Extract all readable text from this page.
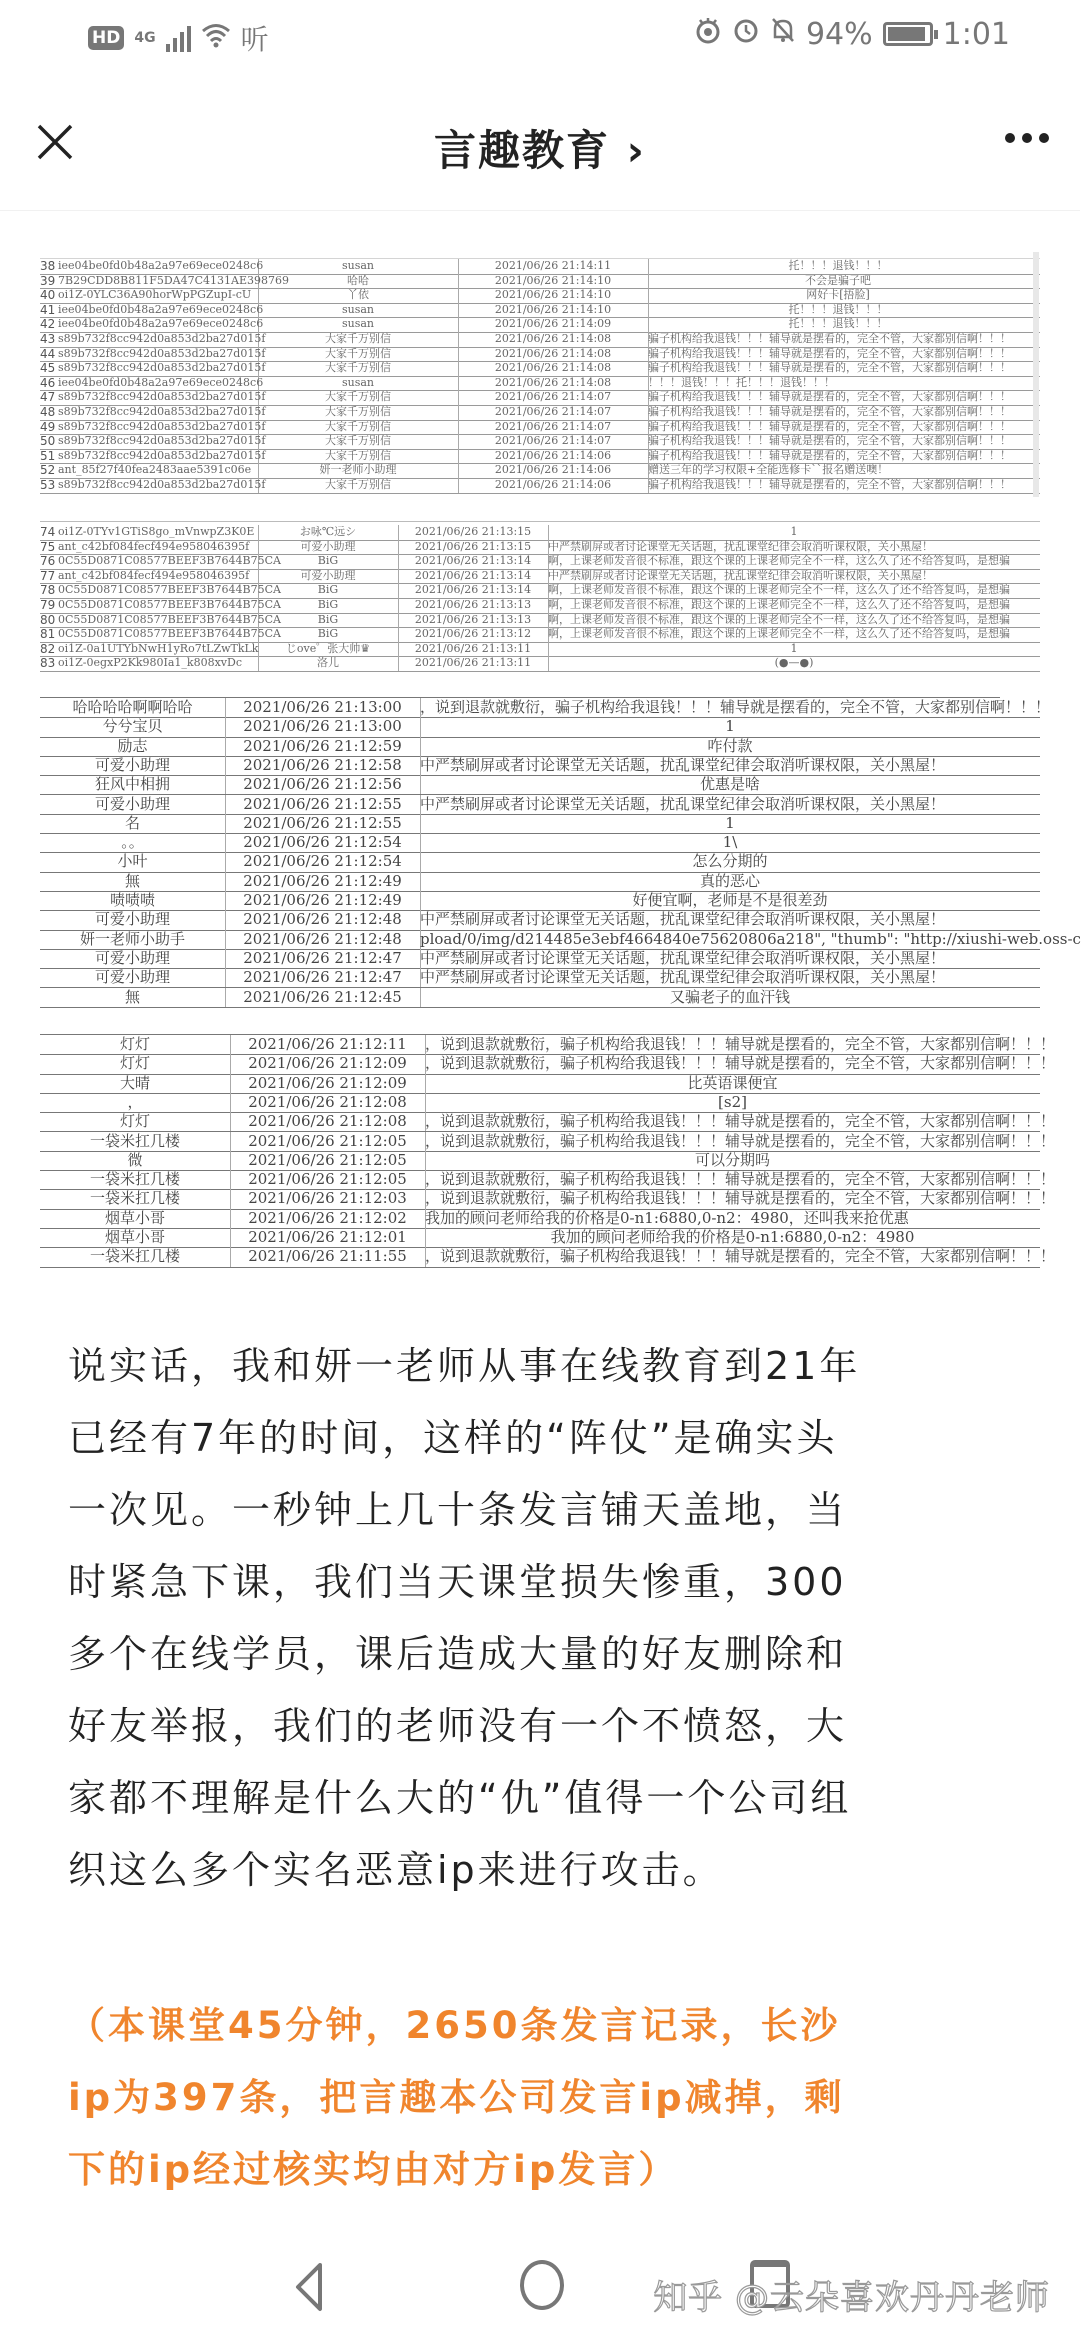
HD 4G	听	94% 1:01
言趣教育 ›
38 iee04be0fd0b48a2a97e69ece0248c6	susan	2021/06/26 21:14:11	托！！！退钱！！！
39 7B29CDD8B811F5DA47C4131AE398769	哈哈	2021/06/26 21:14:10	不会是骗子吧
40 oi1Z-0YLC36A90horWpPGZupI-cU	丫依	2021/06/26 21:14:10	网好卡[捂脸]
41 iee04be0fd0b48a2a97e69ece0248c6	susan	2021/06/26 21:14:10	托！！！退钱！！！
42 iee04be0fd0b48a2a97e69ece0248c6	susan	2021/06/26 21:14:09	托！！！退钱！！！
43 s89b732f8cc942d0a853d2ba27d015f	大家千万别信	2021/06/26 21:14:08	骗子机构给我退钱！！！辅导就是摆看的，完全不管，大家都别信啊！！！
44 s89b732f8cc942d0a853d2ba27d015f	大家千万别信	2021/06/26 21:14:08	骗子机构给我退钱！！！辅导就是摆看的，完全不管，大家都别信啊！！！
45 s89b732f8cc942d0a853d2ba27d015f	大家千万别信	2021/06/26 21:14:08	骗子机构给我退钱！！！辅导就是摆看的，完全不管，大家都别信啊！！！
46 iee04be0fd0b48a2a97e69ece0248c6	susan	2021/06/26 21:14:08	！！！退钱！！！托！！！退钱！！！
47 s89b732f8cc942d0a853d2ba27d015f	大家千万别信	2021/06/26 21:14:07	骗子机构给我退钱！！！辅导就是摆看的，完全不管，大家都别信啊！！！
48 s89b732f8cc942d0a853d2ba27d015f	大家千万别信	2021/06/26 21:14:07	骗子机构给我退钱！！！辅导就是摆看的，完全不管，大家都别信啊！！！
49 s89b732f8cc942d0a853d2ba27d015f	大家千万别信	2021/06/26 21:14:07	骗子机构给我退钱！！！辅导就是摆看的，完全不管，大家都别信啊！！！
50 s89b732f8cc942d0a853d2ba27d015f	大家千万别信	2021/06/26 21:14:07	骗子机构给我退钱！！！辅导就是摆看的，完全不管，大家都别信啊！！！
51 s89b732f8cc942d0a853d2ba27d015f	大家千万别信	2021/06/26 21:14:06	骗子机构给我退钱！！！辅导就是摆看的，完全不管，大家都别信啊！！！
52 ant_85f27f40fea2483aae5391c06e	妍一老师小助理	2021/06/26 21:14:06	赠送三年的学习权限+全能选修卡``报名赠送噢！
53 s89b732f8cc942d0a853d2ba27d015f	大家千万别信	2021/06/26 21:14:06	骗子机构给我退钱！！！辅导就是摆看的，完全不管，大家都别信啊！！！
74 oi1Z-0TYv1GTiS8go_mVnwpZ3K0E	お咏℃远シ	2021/06/26 21:13:15	1
75 ant_c42bf084fecf494e958046395f	可爱小助理	2021/06/26 21:13:15	中严禁刷屏或者讨论课堂无关话题，扰乱课堂纪律会取消听课权限，关小黑屋！
76 0C55D0871C08577BEEF3B7644B75CA	BiG	2021/06/26 21:13:14	啊，上课老师发音很不标准，跟这个课的上课老师完全不一样，这么久了还不给答复吗，是想骗
77 ant_c42bf084fecf494e958046395f	可爱小助理	2021/06/26 21:13:14	中严禁刷屏或者讨论课堂无关话题，扰乱课堂纪律会取消听课权限，关小黑屋！
78 0C55D0871C08577BEEF3B7644B75CA	BiG	2021/06/26 21:13:14	啊，上课老师发音很不标准，跟这个课的上课老师完全不一样，这么久了还不给答复吗，是想骗
79 0C55D0871C08577BEEF3B7644B75CA	BiG	2021/06/26 21:13:13	啊，上课老师发音很不标准，跟这个课的上课老师完全不一样，这么久了还不给答复吗，是想骗
80 0C55D0871C08577BEEF3B7644B75CA	BiG	2021/06/26 21:13:13	啊，上课老师发音很不标准，跟这个课的上课老师完全不一样，这么久了还不给答复吗，是想骗
81 0C55D0871C08577BEEF3B7644B75CA	BiG	2021/06/26 21:13:12	啊，上课老师发音很不标准，跟这个课的上课老师完全不一样，这么久了还不给答复吗，是想骗
82 oi1Z-0a1UTYbNwH1yRo7tLZwTkLk	じove゜张大帅♛	2021/06/26 21:13:11	1
83 oi1Z-0egxP2Kk980Ia1_k808xvDc	洛儿	2021/06/26 21:13:11	(●—●)
哈哈哈哈啊啊哈哈	2021/06/26 21:13:00	，说到退款就敷衍，骗子机构给我退钱！！！辅导就是摆看的，完全不管，大家都别信啊！！！
兮兮宝贝	2021/06/26 21:13:00	1
励志	2021/06/26 21:12:59	咋付款
可爱小助理	2021/06/26 21:12:58	中严禁刷屏或者讨论课堂无关话题，扰乱课堂纪律会取消听课权限，关小黑屋！
狂风中相拥	2021/06/26 21:12:56	优惠是啥
可爱小助理	2021/06/26 21:12:55	中严禁刷屏或者讨论课堂无关话题，扰乱课堂纪律会取消听课权限，关小黑屋！
名	2021/06/26 21:12:55	1
。。	2021/06/26 21:12:54	1\
小叶	2021/06/26 21:12:54	怎么分期的
無	2021/06/26 21:12:49	真的恶心
啧啧啧	2021/06/26 21:12:49	好便宜啊，老师是不是很差劲
可爱小助理	2021/06/26 21:12:48	中严禁刷屏或者讨论课堂无关话题，扰乱课堂纪律会取消听课权限，关小黑屋！
妍一老师小助手	2021/06/26 21:12:48	pload/0/img/d214485e3ebf4664840e75620806a218", "thumb": "http://xiushi-web.oss-c
可爱小助理	2021/06/26 21:12:47	中严禁刷屏或者讨论课堂无关话题，扰乱课堂纪律会取消听课权限，关小黑屋！
可爱小助理	2021/06/26 21:12:47	中严禁刷屏或者讨论课堂无关话题，扰乱课堂纪律会取消听课权限，关小黑屋！
無	2021/06/26 21:12:45	又骗老子的血汗钱
灯灯	2021/06/26 21:12:11	，说到退款就敷衍，骗子机构给我退钱！！！辅导就是摆看的，完全不管，大家都别信啊！！！
灯灯	2021/06/26 21:12:09	，说到退款就敷衍，骗子机构给我退钱！！！辅导就是摆看的，完全不管，大家都别信啊！！！
大晴	2021/06/26 21:12:09	比英语课便宜
，	2021/06/26 21:12:08	[s2]
灯灯	2021/06/26 21:12:08	，说到退款就敷衍，骗子机构给我退钱！！！辅导就是摆看的，完全不管，大家都别信啊！！！
一袋米扛几楼	2021/06/26 21:12:05	，说到退款就敷衍，骗子机构给我退钱！！！辅导就是摆看的，完全不管，大家都别信啊！！！
微	2021/06/26 21:12:05	可以分期吗
一袋米扛几楼	2021/06/26 21:12:05	，说到退款就敷衍，骗子机构给我退钱！！！辅导就是摆看的，完全不管，大家都别信啊！！！
一袋米扛几楼	2021/06/26 21:12:03	，说到退款就敷衍，骗子机构给我退钱！！！辅导就是摆看的，完全不管，大家都别信啊！！！
烟草小哥	2021/06/26 21:12:02	我加的顾问老师给我的价格是0-n1:6880,0-n2：4980，还叫我来抢优惠
烟草小哥	2021/06/26 21:12:01	我加的顾问老师给我的价格是0-n1:6880,0-n2：4980
一袋米扛几楼	2021/06/26 21:11:55	，说到退款就敷衍，骗子机构给我退钱！！！辅导就是摆看的，完全不管，大家都别信啊！！！
说实话，我和妍一老师从事在线教育到21年
已经有7年的时间，这样的“阵仗”是确实头
一次见。一秒钟上几十条发言铺天盖地，当
时紧急下课，我们当天课堂损失惨重，300
多个在线学员，课后造成大量的好友删除和
好友举报，我们的老师没有一个不愤怒，大
家都不理解是什么大的“仇”值得一个公司组
织这么多个实名恶意ip来进行攻击。
（本课堂45分钟，2650条发言记录，长沙
ip为397条，把言趣本公司发言ip减掉，剩
下的ip经过核实均由对方ip发言）
知乎 @云朵喜欢丹丹老师
